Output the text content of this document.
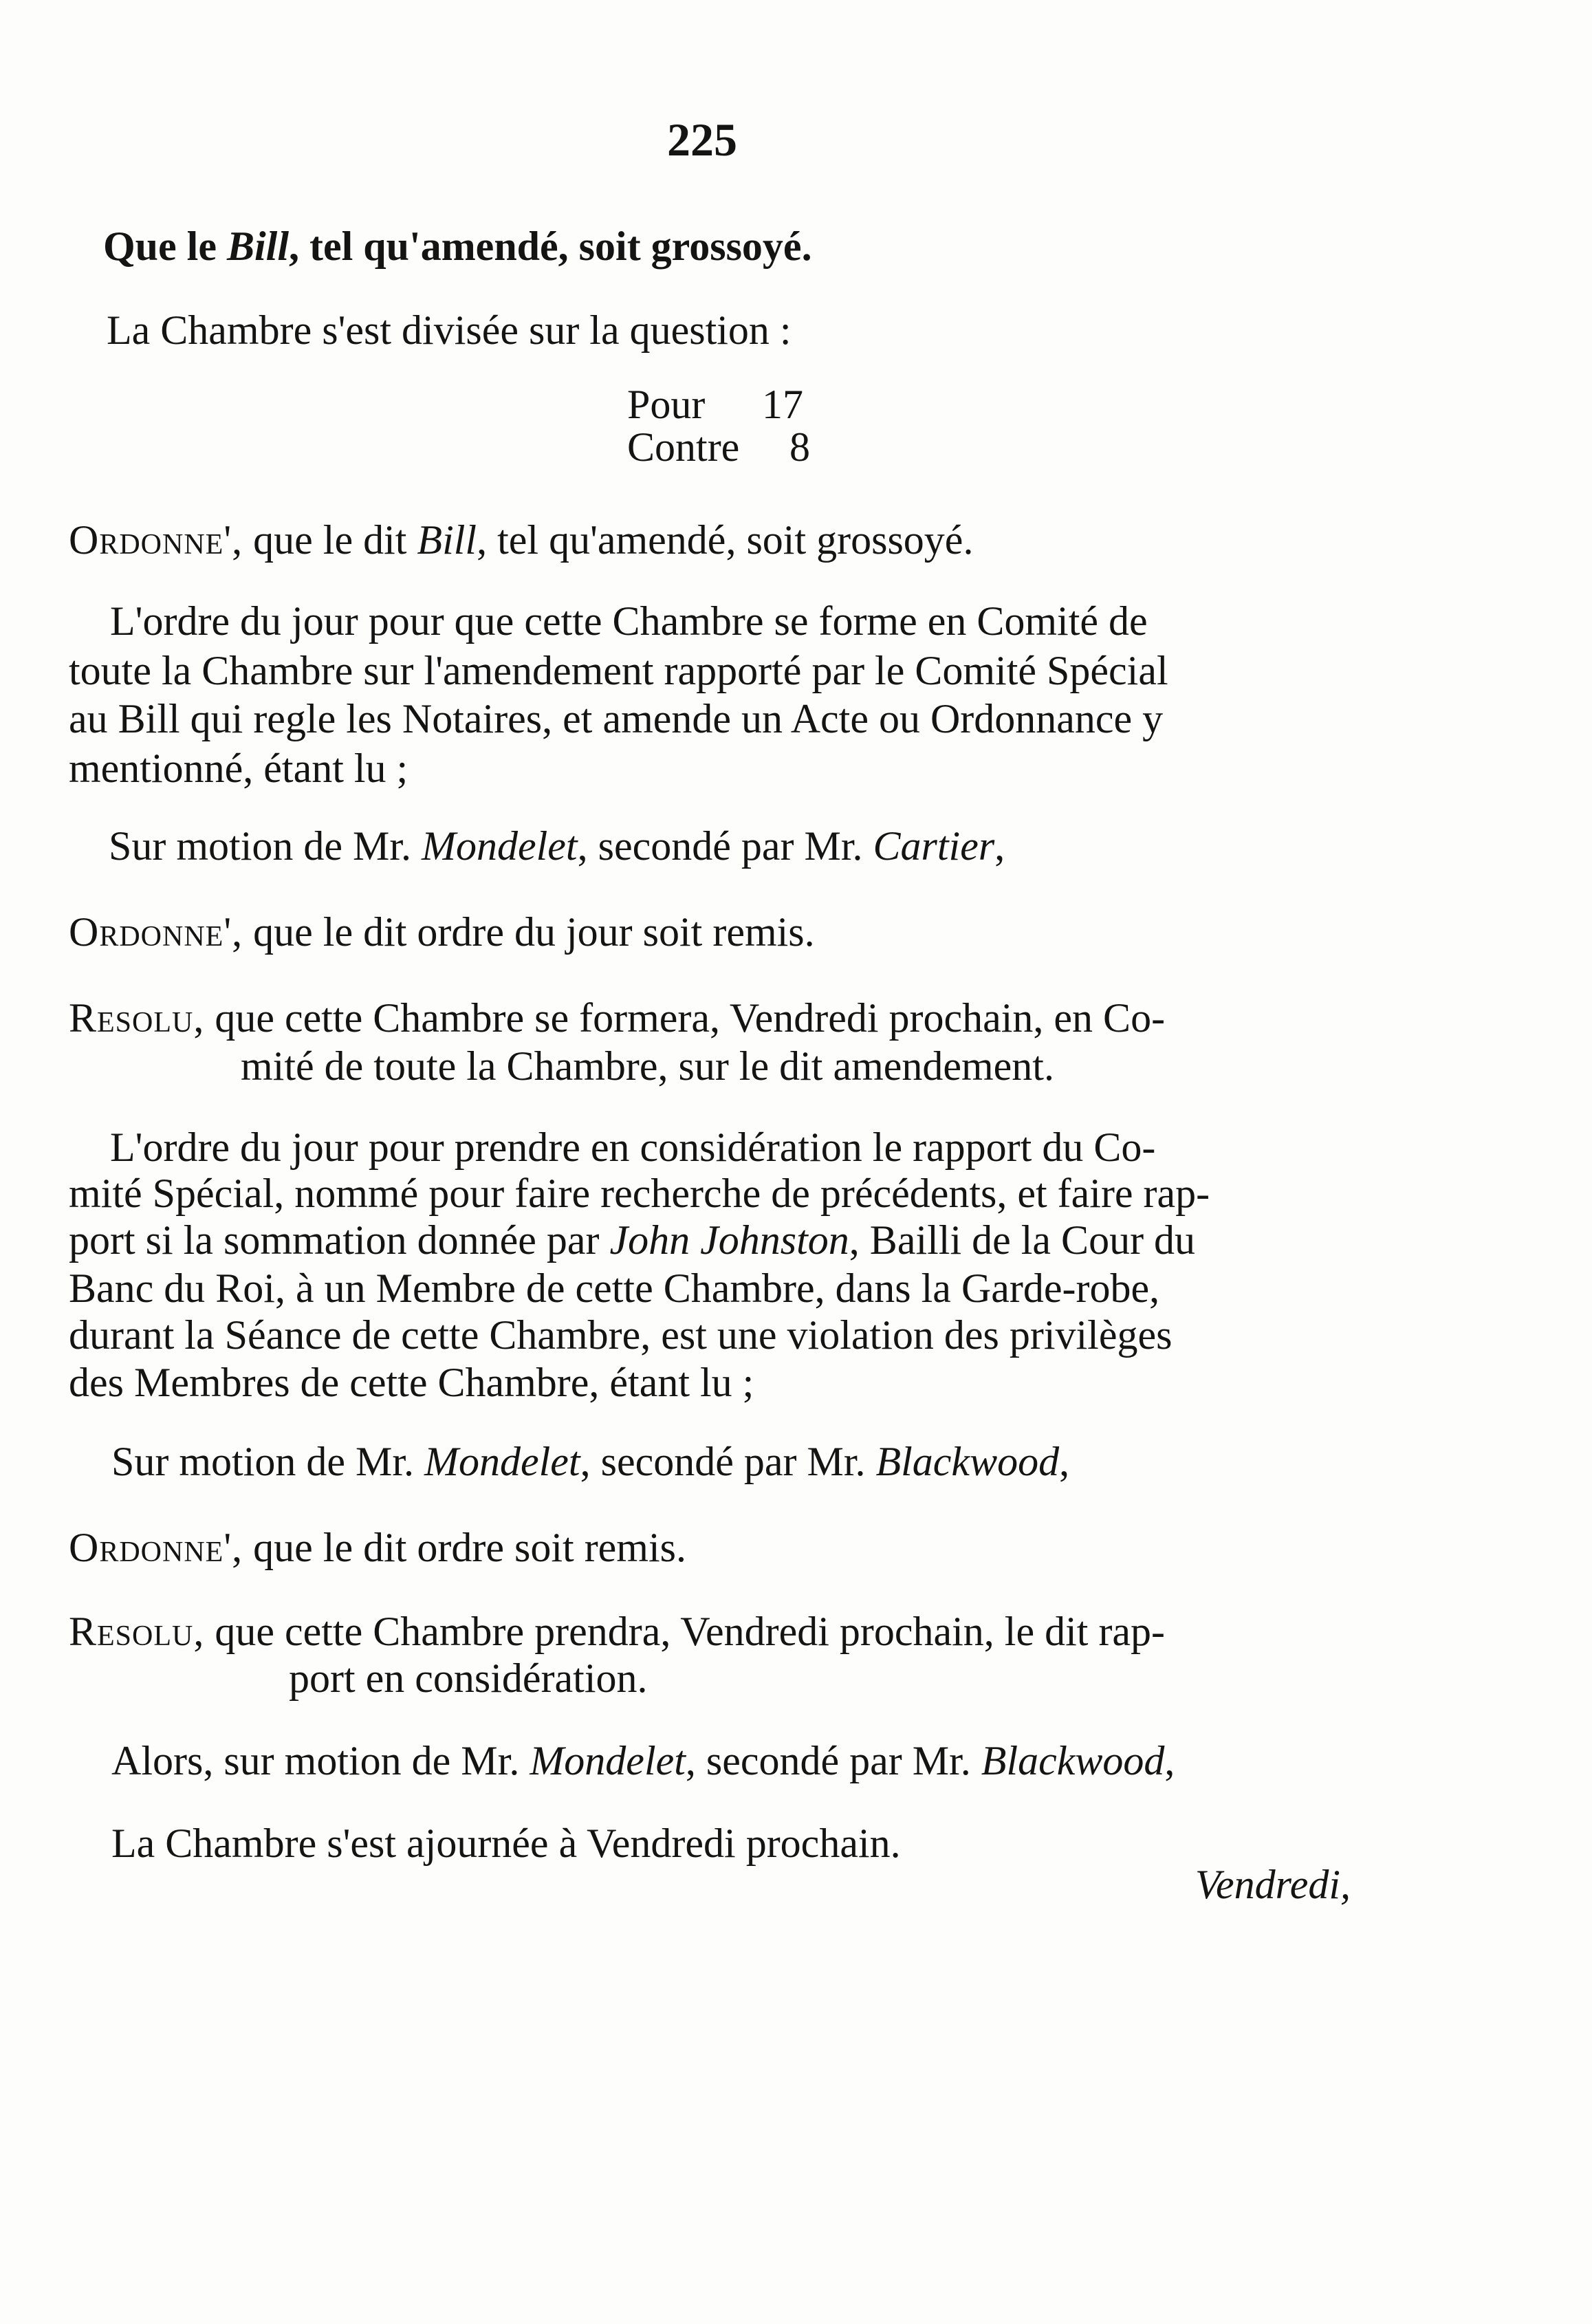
225
Que le Bill, tel qu'amendé, soit grossoyé.
La Chambre s'est divisée sur la question :
Pour 17
Contre 8
Ordonne', que le dit Bill, tel qu'amendé, soit grossoyé.
L'ordre du jour pour que cette Chambre se forme en Comité de
toute la Chambre sur l'amendement rapporté par le Comité Spécial
au Bill qui regle les Notaires, et amende un Acte ou Ordonnance y
mentionné, étant lu ;
Sur motion de Mr. Mondelet, secondé par Mr. Cartier,
Ordonne', que le dit ordre du jour soit remis.
Resolu, que cette Chambre se formera, Vendredi prochain, en Co-
mité de toute la Chambre, sur le dit amendement.
L'ordre du jour pour prendre en considération le rapport du Co-
mité Spécial, nommé pour faire recherche de précédents, et faire rap-
port si la sommation donnée par John Johnston, Bailli de la Cour du
Banc du Roi, à un Membre de cette Chambre, dans la Garde-robe,
durant la Séance de cette Chambre, est une violation des privilèges
des Membres de cette Chambre, étant lu ;
Sur motion de Mr. Mondelet, secondé par Mr. Blackwood,
Ordonne', que le dit ordre soit remis.
Resolu, que cette Chambre prendra, Vendredi prochain, le dit rap-
port en considération.
Alors, sur motion de Mr. Mondelet, secondé par Mr. Blackwood,
La Chambre s'est ajournée à Vendredi prochain.
Vendredi,
